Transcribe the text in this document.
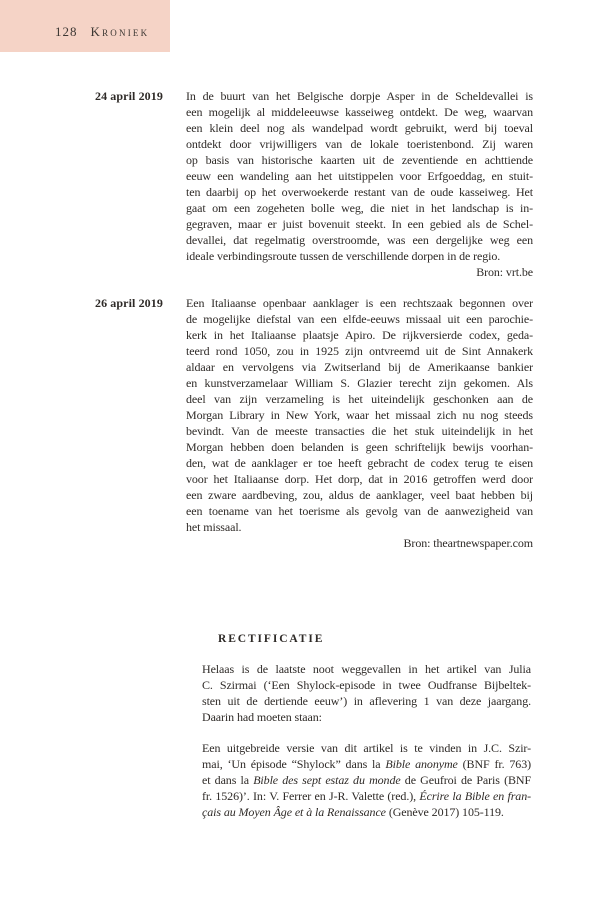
128 Kroniek
24 april 2019 In de buurt van het Belgische dorpje Asper in de Scheldevallei is
een mogelijk al middeleeuwse kasseiweg ontdekt. De weg, waarvan
een klein deel nog als wandelpad wordt gebruikt, werd bij toeval
ontdekt door vrijwilligers van de lokale toeristenbond. Zij waren
op basis van historische kaarten uit de zeventiende en achttiende
eeuw een wandeling aan het uitstippelen voor Erfgoeddag, en stuit-
ten daarbij op het overwoekerde restant van de oude kasseiweg. Het
gaat om een zogeheten bolle weg, die niet in het landschap is in-
gegraven, maar er juist bovenuit steekt. In een gebied als de Schel-
devallei, dat regelmatig overstroomde, was een dergelijke weg een
ideale verbindingsroute tussen de verschillende dorpen in de regio.
Bron: vrt.be
26 april 2019 Een Italiaanse openbaar aanklager is een rechtszaak begonnen over
de mogelijke diefstal van een elfde-eeuws missaal uit een parochie-
kerk in het Italiaanse plaatsje Apiro. De rijkversierde codex, geda-
teerd rond 1050, zou in 1925 zijn ontvreemd uit de Sint Annakerk
aldaar en vervolgens via Zwitserland bij de Amerikaanse bankier
en kunstverzamelaar William S. Glazier terecht zijn gekomen. Als
deel van zijn verzameling is het uiteindelijk geschonken aan de
Morgan Library in New York, waar het missaal zich nu nog steeds
bevindt. Van de meeste transacties die het stuk uiteindelijk in het
Morgan hebben doen belanden is geen schriftelijk bewijs voorhan-
den, wat de aanklager er toe heeft gebracht de codex terug te eisen
voor het Italiaanse dorp. Het dorp, dat in 2016 getroffen werd door
een zware aardbeving, zou, aldus de aanklager, veel baat hebben bij
een toename van het toerisme als gevolg van de aanwezigheid van
het missaal.
Bron: theartnewspaper.com
RECTIFICATIE
Helaas is de laatste noot weggevallen in het artikel van Julia
C. Szirmai (‘Een Shylock-episode in twee Oudfranse Bijbeltek-
sten uit de dertiende eeuw’) in aflevering 1 van deze jaargang.
Daarin had moeten staan:
Een uitgebreide versie van dit artikel is te vinden in J.C. Szir-
mai, ‘Un épisode “Shylock” dans la Bible anonyme (BNF fr. 763)
et dans la Bible des sept estaz du monde de Geufroi de Paris (BNF
fr. 1526)’. In: V. Ferrer en J-R. Valette (red.), Écrire la Bible en fran-
çais au Moyen Âge et à la Renaissance (Genève 2017) 105-119.
